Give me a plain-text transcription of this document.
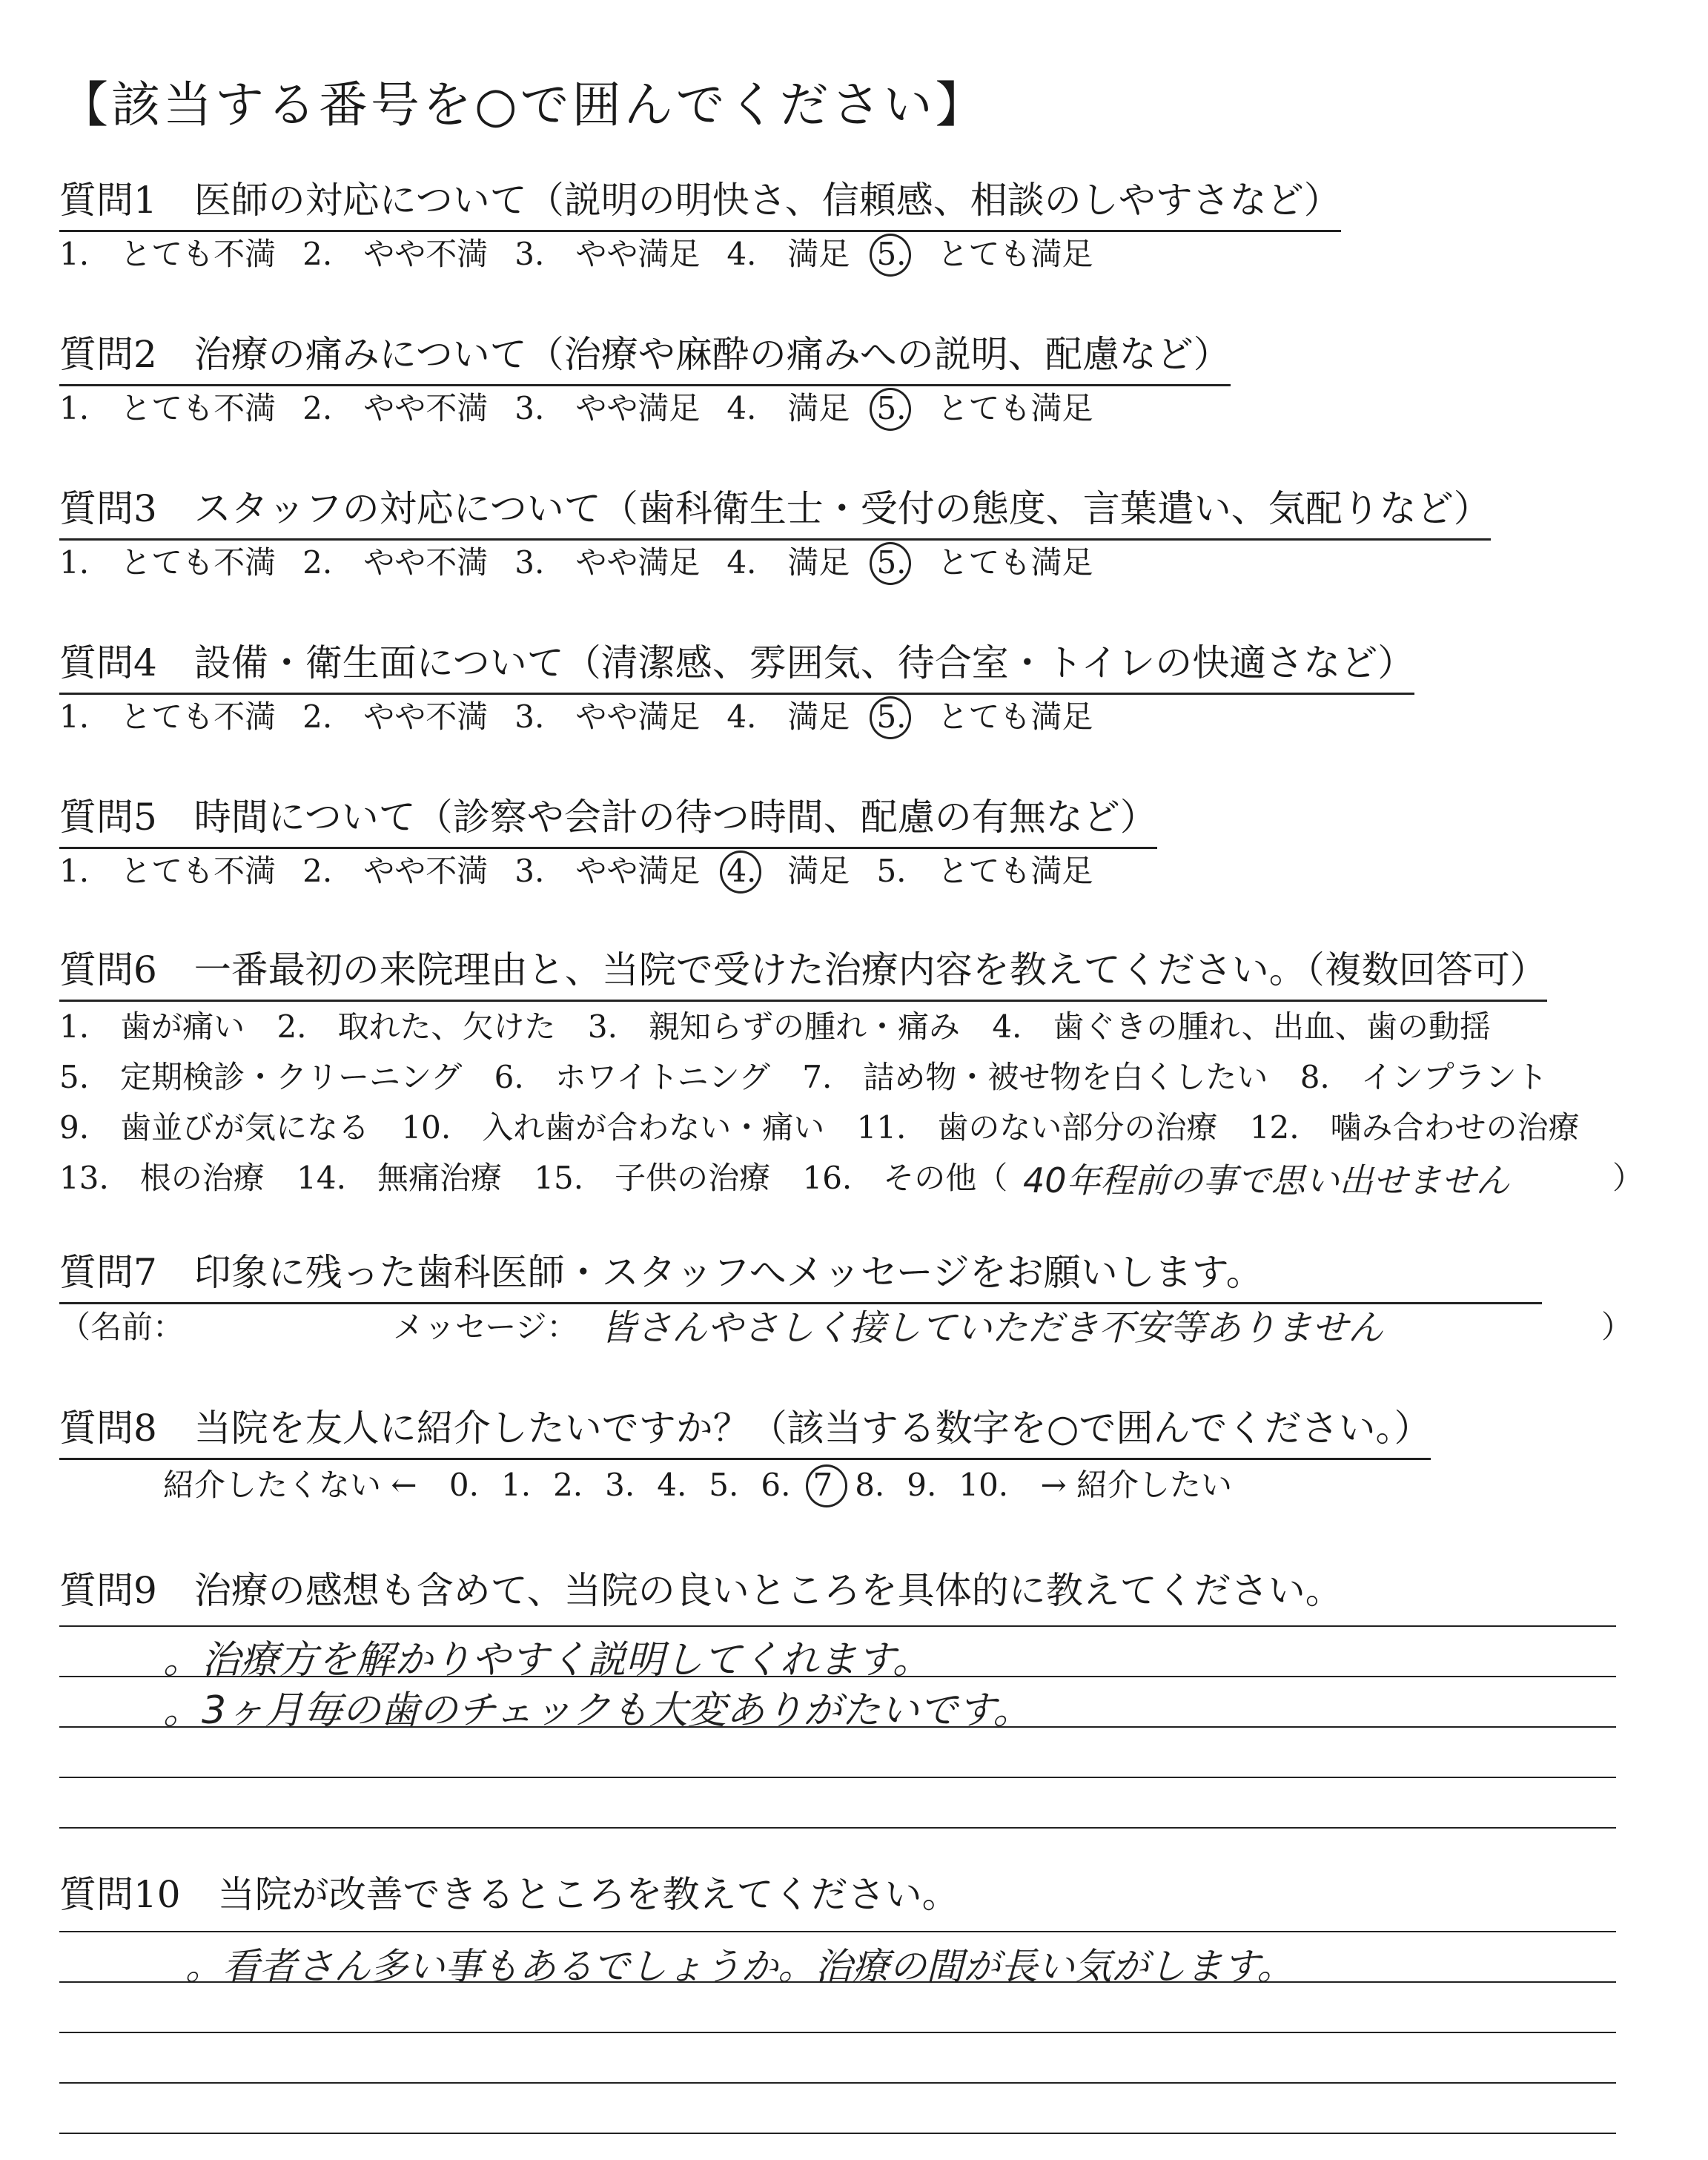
【該当する番号を○で囲んでください】
質問1　医師の対応について（説明の明快さ、信頼感、相談のしやすさなど）
1.　 とても不満 2.　 やや不満 3.　 やや満足 4.　 満足 5.　 とても満足
質問2　治療の痛みについて（治療や麻酔の痛みへの説明、配慮など）
1.　 とても不満 2.　 やや不満 3.　 やや満足 4.　 満足 5.　 とても満足
質問3　スタッフの対応について（歯科衛生士・受付の態度、言葉遣い、気配りなど）
1.　 とても不満 2.　 やや不満 3.　 やや満足 4.　 満足 5.　 とても満足
質問4　設備・衛生面について（清潔感、雰囲気、待合室・トイレの快適さなど）
1.　 とても不満 2.　 やや不満 3.　 やや満足 4.　 満足 5.　 とても満足
質問5　時間について（診察や会計の待つ時間、配慮の有無など）
1.　 とても不満 2.　 やや不満 3.　 やや満足 4.　 満足 5.　 とても満足
質問6　一番最初の来院理由と、当院で受けた治療内容を教えてください。（複数回答可）
1.　歯が痛い 2.　取れた、欠けた 3.　親知らずの腫れ・痛み 4.　歯ぐきの腫れ、出血、歯の動揺
5.　定期検診・クリーニング 6.　ホワイトニング 7.　詰め物・被せ物を白くしたい 8.　インプラント
9.　歯並びが気になる 10.　入れ歯が合わない・痛い 11.　歯のない部分の治療 12.　噛み合わせの治療
13.　根の治療 14.　無痛治療 15.　子供の治療 16.　その他（ 40年程前の事で思い出せません	）
質問7　印象に残った歯科医師・スタッフへメッセージをお願いします。
（名前：	メッセージ： 皆さんやさしく接していただき不安等ありません	）
質問8　当院を友人に紹介したいですか？（該当する数字を○で囲んでください。）
紹介したくない ← 0. 1. 2. 3. 4. 5. 6. 7 8. 9. 10. → 紹介したい
質問9　治療の感想も含めて、当院の良いところを具体的に教えてください。
。治療方を解かりやすく説明してくれます。
。3ヶ月毎の歯のチェックも大変ありがたいです。
質問10　当院が改善できるところを教えてください。
。看者さん多い事もあるでしょうか。治療の間が長い気がします。
